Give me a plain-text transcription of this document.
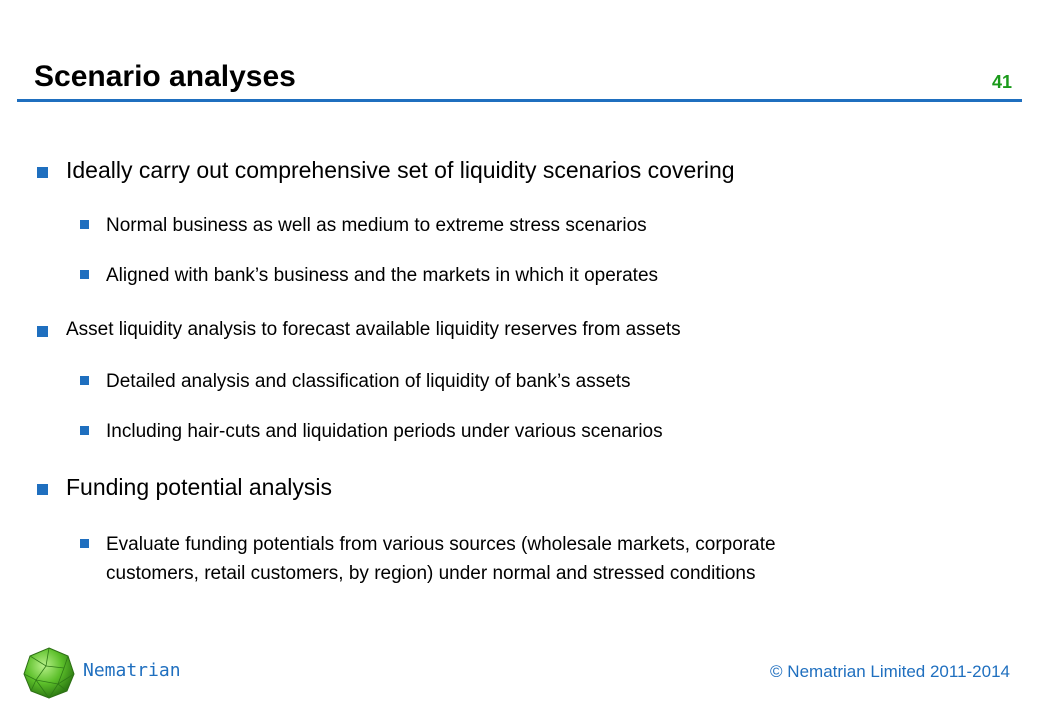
Scenario analyses	41
Ideally carry out comprehensive set of liquidity scenarios covering
Normal business as well as medium to extreme stress scenarios
Aligned with bank’s business and the markets in which it operates
Asset liquidity analysis to forecast available liquidity reserves from assets
Detailed analysis and classification of liquidity of bank’s assets
Including hair-cuts and liquidation periods under various scenarios
Funding potential analysis
Evaluate funding potentials from various sources (wholesale markets, corporate
customers, retail customers, by region) under normal and stressed conditions
Nematrian	© Nematrian Limited 2011-2014
